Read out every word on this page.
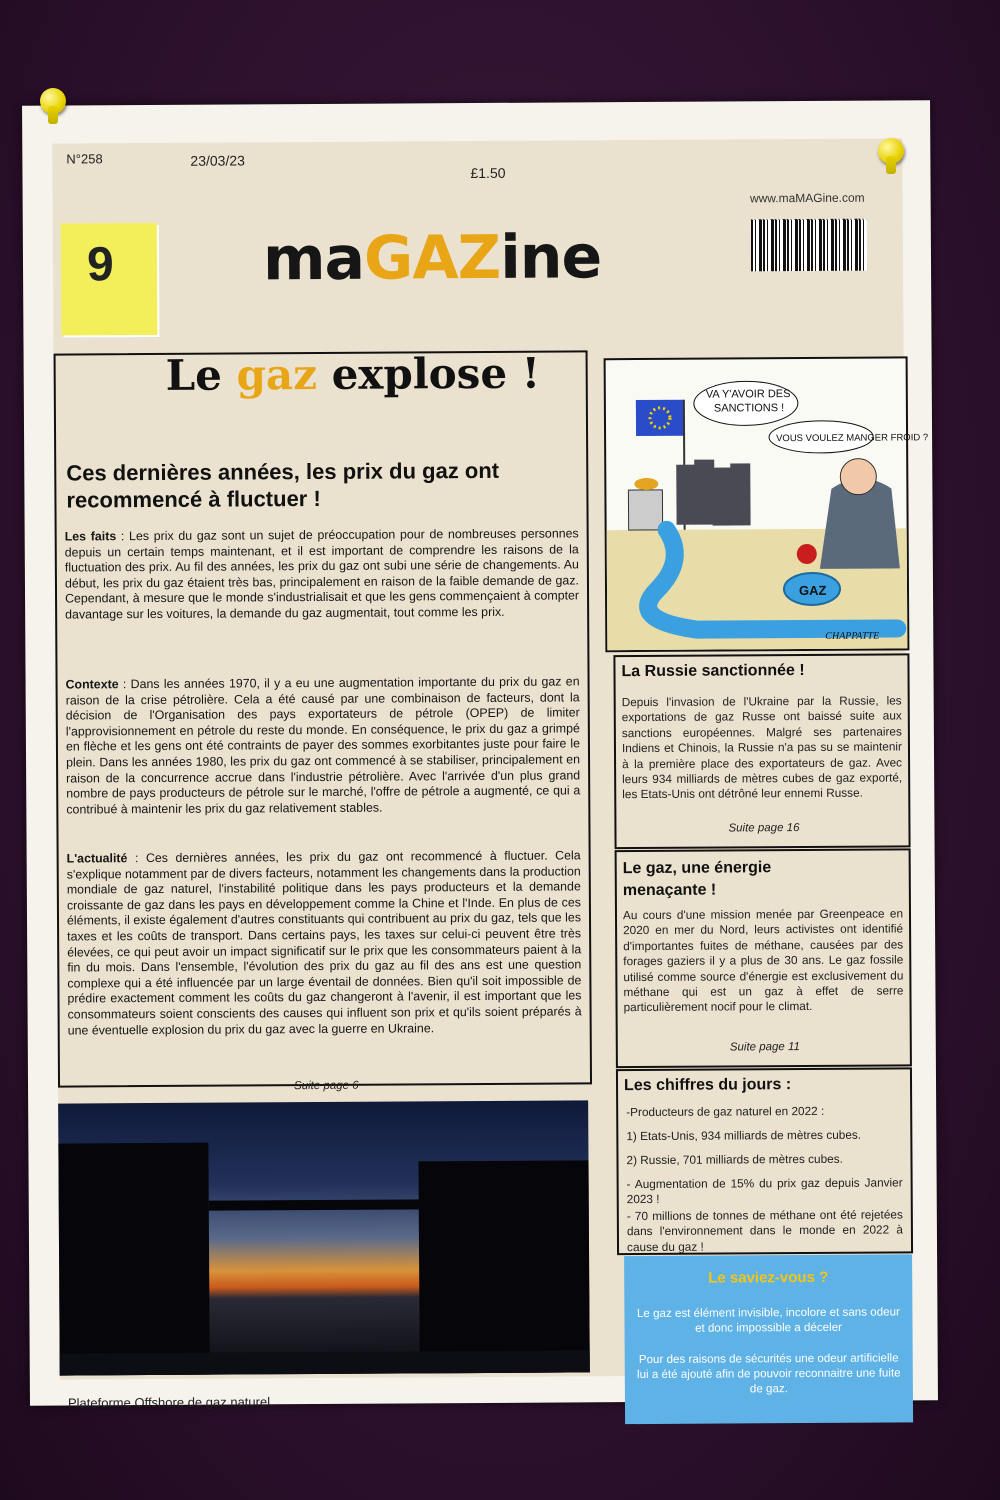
N°258	23/03/23
£1.50
www.maMAGine.com
maGAZine
9
Le gaz explose !
Ces dernières années, les prix du gaz ont recommencé à fluctuer !
Les faits : Les prix du gaz sont un sujet de préoccupation pour de nombreuses personnes depuis un certain temps maintenant, et il est important de comprendre les raisons de la fluctuation des prix. Au fil des années, les prix du gaz ont subi une série de changements. Au début, les prix du gaz étaient très bas, principalement en raison de la faible demande de gaz. Cependant, à mesure que le monde s'industrialisait et que les gens commençaient à compter davantage sur les voitures, la demande du gaz augmentait, tout comme les prix.
Contexte : Dans les années 1970, il y a eu une augmentation importante du prix du gaz en raison de la crise pétrolière. Cela a été causé par une combinaison de facteurs, dont la décision de l'Organisation des pays exportateurs de pétrole (OPEP) de limiter l'approvisionnement en pétrole du reste du monde. En conséquence, le prix du gaz a grimpé en flèche et les gens ont été contraints de payer des sommes exorbitantes juste pour faire le plein. Dans les années 1980, les prix du gaz ont commencé à se stabiliser, principalement en raison de la concurrence accrue dans l'industrie pétrolière. Avec l'arrivée d'un plus grand nombre de pays producteurs de pétrole sur le marché, l'offre de pétrole a augmenté, ce qui a contribué à maintenir les prix du gaz relativement stables.
L'actualité : Ces dernières années, les prix du gaz ont recommencé à fluctuer. Cela s'explique notamment par de divers facteurs, notamment les changements dans la production mondiale de gaz naturel, l'instabilité politique dans les pays producteurs et la demande croissante de gaz dans les pays en développement comme la Chine et l'Inde. En plus de ces éléments, il existe également d'autres constituants qui contribuent au prix du gaz, tels que les taxes et les coûts de transport. Dans certains pays, les taxes sur celui-ci peuvent être très élevées, ce qui peut avoir un impact significatif sur le prix que les consommateurs paient à la fin du mois. Dans l'ensemble, l'évolution des prix du gaz au fil des ans est une question complexe qui a été influencée par un large éventail de données. Bien qu'il soit impossible de prédire exactement comment les coûts du gaz changeront à l'avenir, il est important que les consommateurs soient conscients des causes qui influent son prix et qu'ils soient préparés à une éventuelle explosion du prix du gaz avec la guerre en Ukraine.
Suite page 6
Plateforme Offshore de gaz naturel
VA Y'AVOIR DES
SANCTIONS !
VOUS VOULEZ MANGER FROID ?
GAZ
CHAPPATTE
La Russie sanctionnée !
Depuis l'invasion de l'Ukraine par la Russie, les exportations de gaz Russe ont baissé suite aux sanctions européennes. Malgré ses partenaires Indiens et Chinois, la Russie n'a pas su se maintenir à la première place des exportateurs de gaz. Avec leurs 934 milliards de mètres cubes de gaz exporté, les Etats-Unis ont détrôné leur ennemi Russe.
Suite page 16
Le gaz, une énergie menaçante !
Au cours d'une mission menée par Greenpeace en 2020 en mer du Nord, leurs activistes ont identifié d'importantes fuites de méthane, causées par des forages gaziers il y a plus de 30 ans. Le gaz fossile utilisé comme source d'énergie est exclusivement du méthane qui est un gaz à effet de serre particulièrement nocif pour le climat.
Suite page 11
Les chiffres du jours :
-Producteurs de gaz naturel en 2022 :
1) Etats-Unis, 934 milliards de mètres cubes.
2) Russie, 701 milliards de mètres cubes.
- Augmentation de 15% du prix gaz depuis Janvier 2023 !
- 70 millions de tonnes de méthane ont été rejetées dans l'environnement dans le monde en 2022 à cause du gaz !
Le saviez-vous ?
Le gaz est élément invisible, incolore et sans odeur et donc impossible a déceler
Pour des raisons de sécurités une odeur artificielle lui a été ajouté afin de pouvoir reconnaitre une fuite de gaz.
